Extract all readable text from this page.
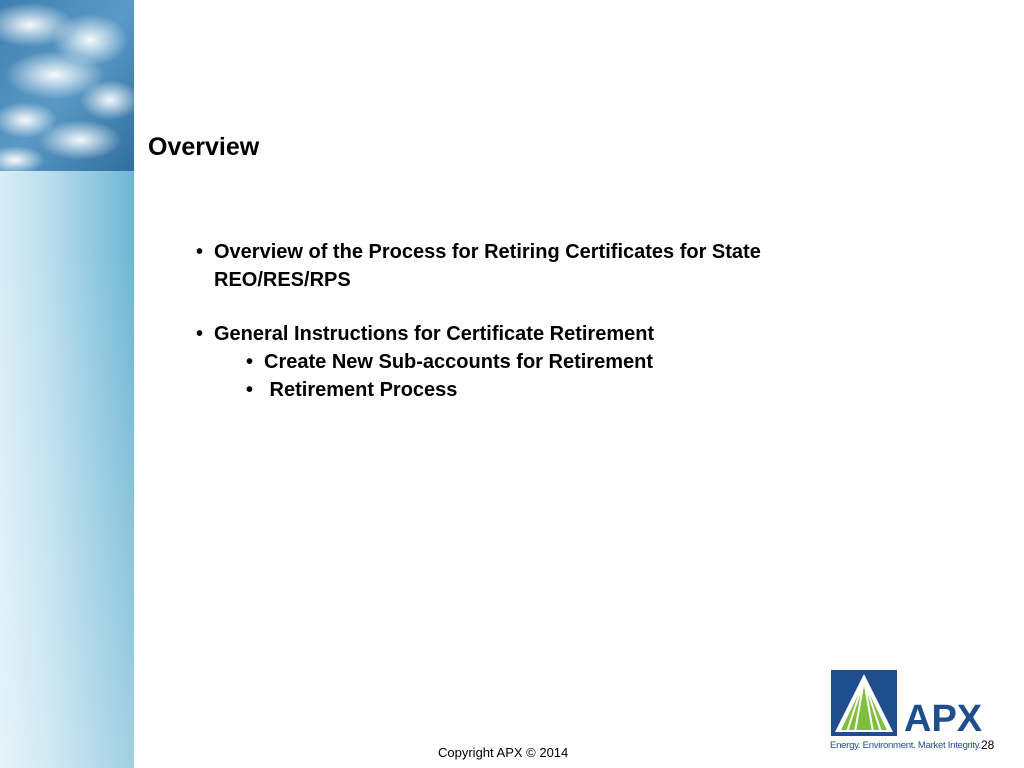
Overview
• Overview of the Process for Retiring Certificates for State REO/RES/RPS
• General Instructions for Certificate Retirement
• Create New Sub-accounts for Retirement
• Retirement Process
APX
Energy. Environment. Market Integrity.
Copyright APX © 2014	28
